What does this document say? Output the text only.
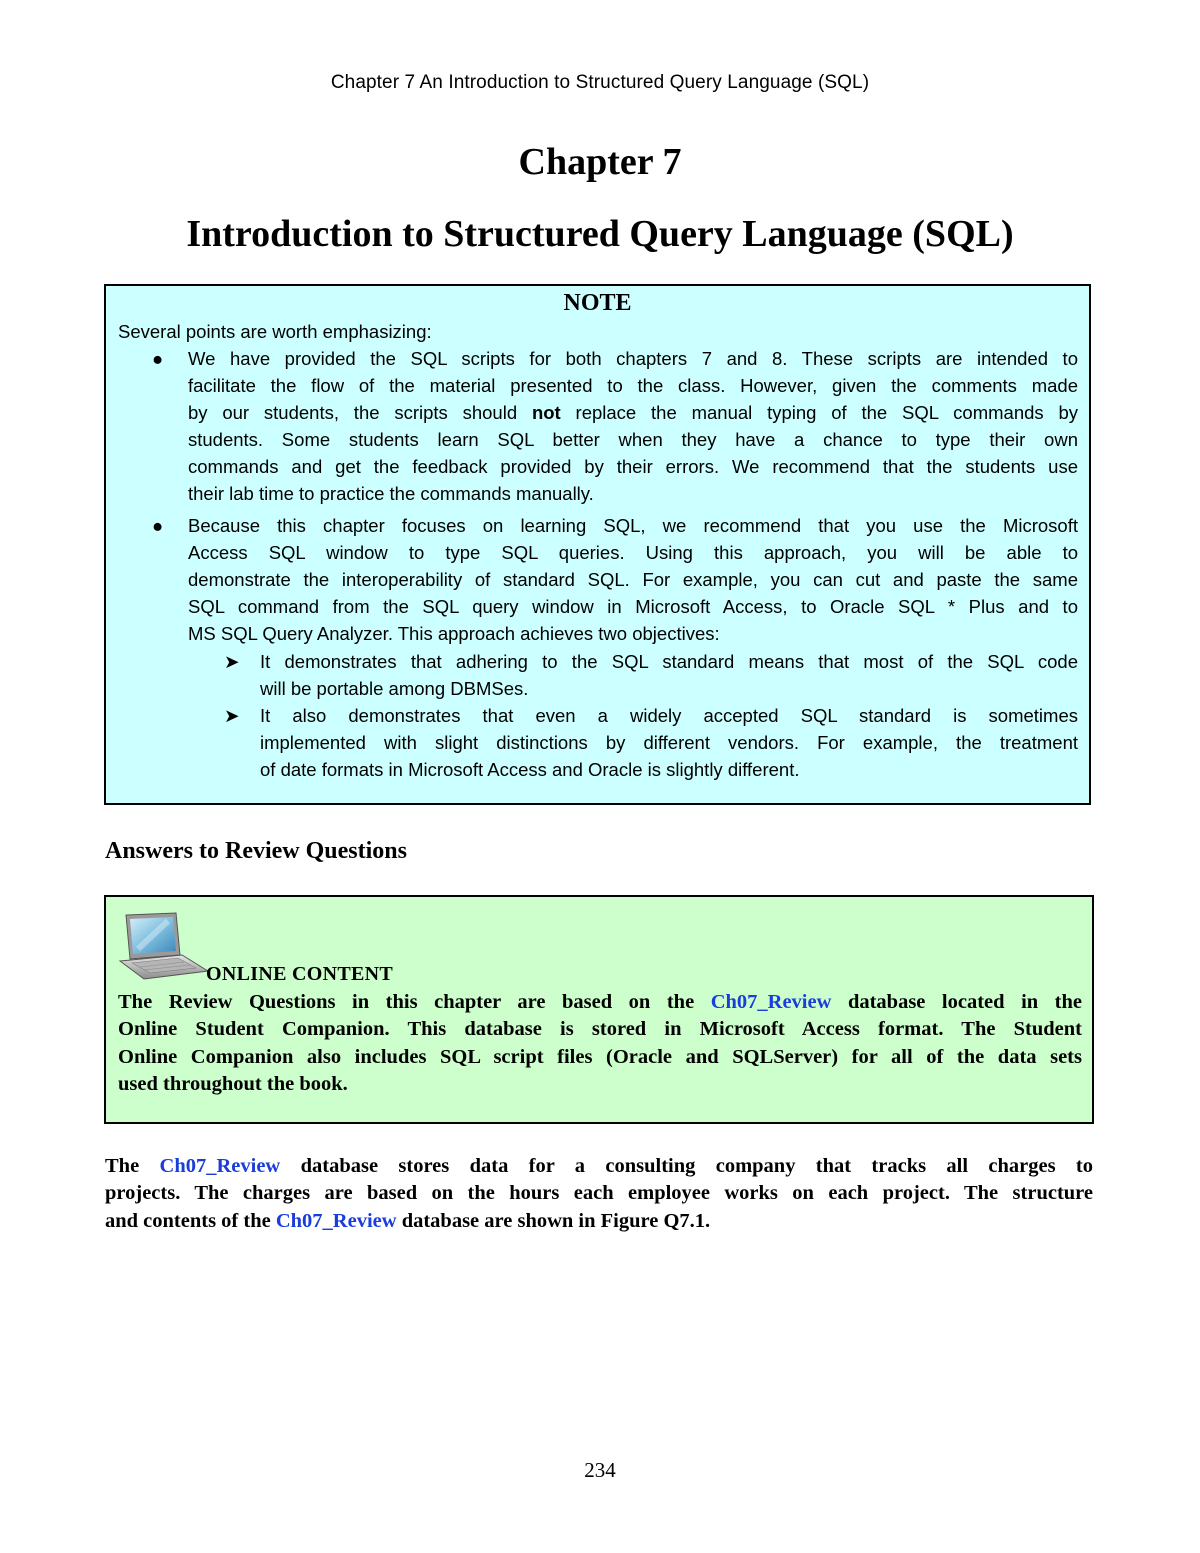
Chapter 7 An Introduction to Structured Query Language (SQL)
Chapter 7
Introduction to Structured Query Language (SQL)
NOTE
Several points are worth emphasizing:
● We have provided the SQL scripts for both chapters 7 and 8. These scripts are intended to
facilitate the flow of the material presented to the class. However, given the comments made
by our students, the scripts should not replace the manual typing of the SQL commands by
students. Some students learn SQL better when they have a chance to type their own
commands and get the feedback provided by their errors. We recommend that the students use
their lab time to practice the commands manually.
● Because this chapter focuses on learning SQL, we recommend that you use the Microsoft
Access SQL window to type SQL queries. Using this approach, you will be able to
demonstrate the interoperability of standard SQL. For example, you can cut and paste the same
SQL command from the SQL query window in Microsoft Access, to Oracle SQL * Plus and to
MS SQL Query Analyzer. This approach achieves two objectives:
➤ It demonstrates that adhering to the SQL standard means that most of the SQL code
will be portable among DBMSes.
➤ It also demonstrates that even a widely accepted SQL standard is sometimes
implemented with slight distinctions by different vendors. For example, the treatment
of date formats in Microsoft Access and Oracle is slightly different.
Answers to Review Questions
ONLINE CONTENT
The Review Questions in this chapter are based on the Ch07_Review database located in the
Online Student Companion. This database is stored in Microsoft Access format. The Student
Online Companion also includes SQL script files (Oracle and SQLServer) for all of the data sets
used throughout the book.
The Ch07_Review database stores data for a consulting company that tracks all charges to
projects. The charges are based on the hours each employee works on each project. The structure
and contents of the Ch07_Review database are shown in Figure Q7.1.
234
